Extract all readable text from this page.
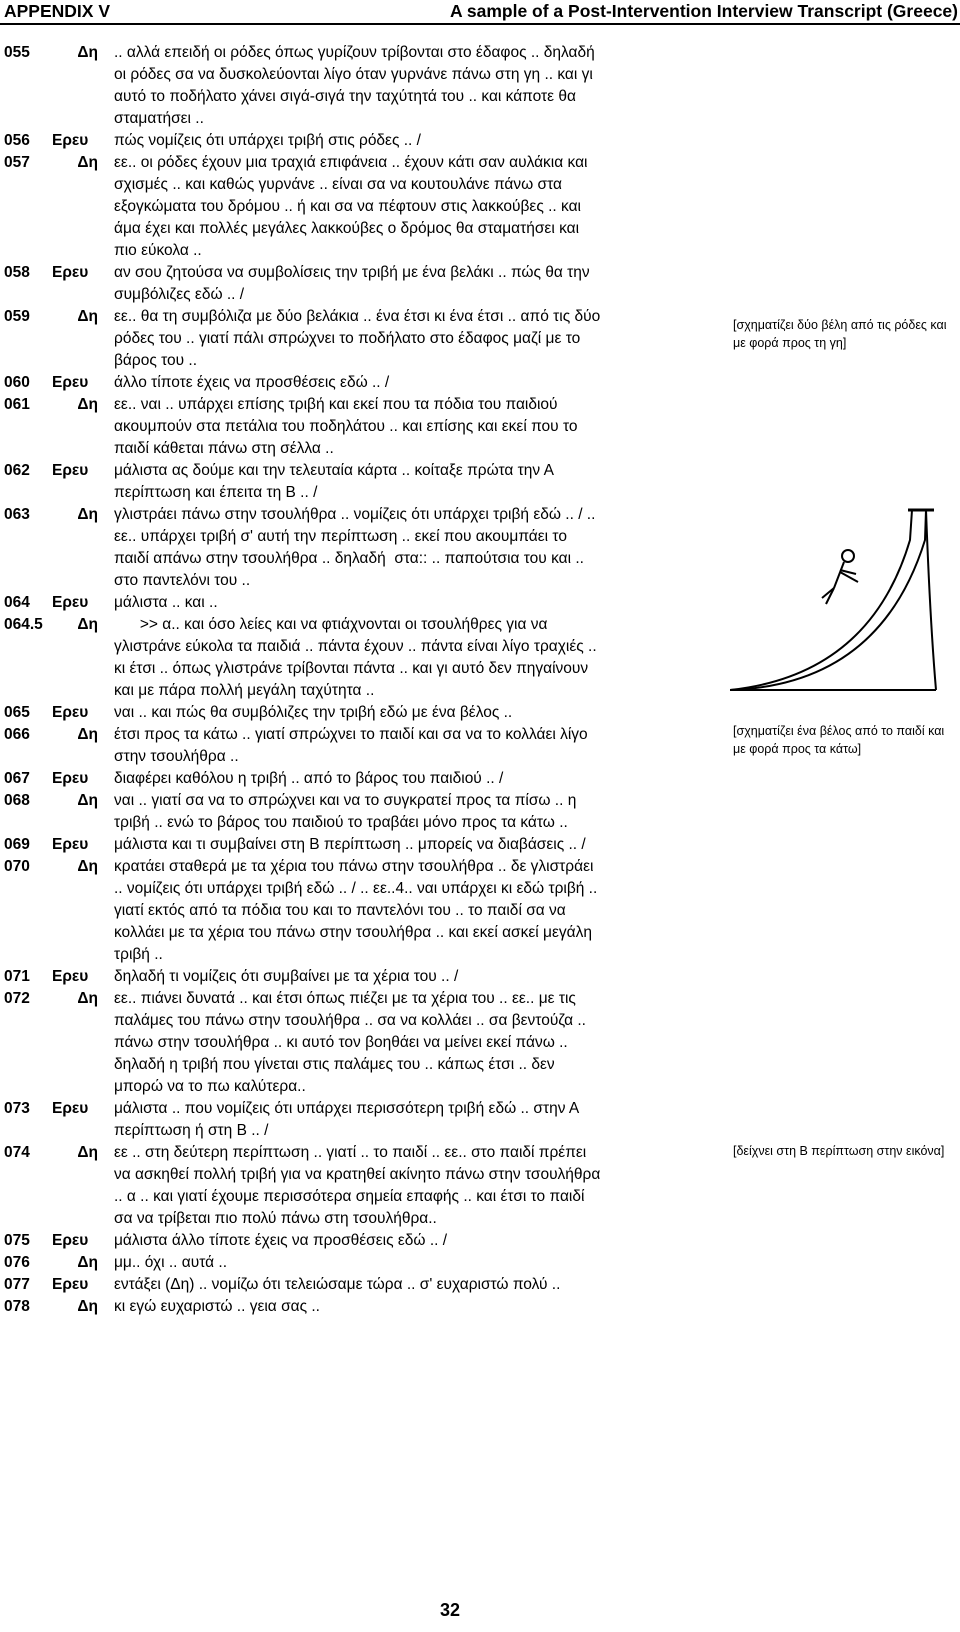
APPENDIX V	A sample of a Post-Intervention Interview Transcript (Greece)
055	Δη .. αλλά επειδή οι ρόδες όπως γυρίζουν τρίβονται στο έδαφος .. δηλαδή
οι ρόδες σα να δυσκολεύονται λίγο όταν γυρνάνε πάνω στη γη .. και γι
αυτό το ποδήλατο χάνει σιγά-σιγά την ταχύτητά του .. και κάποτε θα
σταματήσει ..
056 Ερευ	πώς νομίζεις ότι υπάρχει τριβή στις ρόδες .. /
057	Δη εε.. οι ρόδες έχουν μια τραχιά επιφάνεια .. έχουν κάτι σαν αυλάκια και
σχισμές .. και καθώς γυρνάνε .. είναι σα να κουτουλάνε πάνω στα
εξογκώματα του δρόμου .. ή και σα να πέφτουν στις λακκούβες .. και
άμα έχει και πολλές μεγάλες λακκούβες ο δρόμος θα σταματήσει και
πιο εύκολα ..
058 Ερευ	αν σου ζητούσα να συμβολίσεις την τριβή με ένα βελάκι .. πώς θα την
συμβόλιζες εδώ .. /
059	Δη εε.. θα τη συμβόλιζα με δύο βελάκια .. ένα έτσι κι ένα έτσι .. από τις δύο
ρόδες του .. γιατί πάλι σπρώχνει το ποδήλατο στο έδαφος μαζί με το
βάρος του ..
060 Ερευ	άλλο τίποτε έχεις να προσθέσεις εδώ .. /
061	Δη εε.. ναι .. υπάρχει επίσης τριβή και εκεί που τα πόδια του παιδιού
ακουμπούν στα πετάλια του ποδηλάτου .. και επίσης και εκεί που το
παιδί κάθεται πάνω στη σέλλα ..
062 Ερευ	μάλιστα ας δούμε και την τελευταία κάρτα .. κοίταξε πρώτα την Α
περίπτωση και έπειτα τη Β .. /
063	Δη γλιστράει πάνω στην τσουλήθρα .. νομίζεις ότι υπάρχει τριβή εδώ .. / ..
εε.. υπάρχει τριβή σ' αυτή την περίπτωση .. εκεί που ακουμπάει το
παιδί απάνω στην τσουλήθρα .. δηλαδή  στα:: .. παπούτσια του και ..
στο παντελόνι του ..
064 Ερευ	μάλιστα .. και ..
064.5	Δη >> α.. και όσο λείες και να φτιάχνονται οι τσουλήθρες για να
γλιστράνε εύκολα τα παιδιά .. πάντα έχουν .. πάντα είναι λίγο τραχιές ..
κι έτσι .. όπως γλιστράνε τρίβονται πάντα .. και γι αυτό δεν πηγαίνουν
και με πάρα πολλή μεγάλη ταχύτητα ..
065 Ερευ	ναι .. και πώς θα συμβόλιζες την τριβή εδώ με ένα βέλος ..
066	Δη έτσι προς τα κάτω .. γιατί σπρώχνει το παιδί και σα να το κολλάει λίγο
στην τσουλήθρα ..
067 Ερευ	διαφέρει καθόλου η τριβή .. από το βάρος του παιδιού .. /
068	Δη ναι .. γιατί σα να το σπρώχνει και να το συγκρατεί προς τα πίσω .. η
τριβή .. ενώ το βάρος του παιδιού το τραβάει μόνο προς τα κάτω ..
069 Ερευ	μάλιστα και τι συμβαίνει στη Β περίπτωση .. μπορείς να διαβάσεις .. /
070	Δη κρατάει σταθερά με τα χέρια του πάνω στην τσουλήθρα .. δε γλιστράει
.. νομίζεις ότι υπάρχει τριβή εδώ .. / .. εε..4.. ναι υπάρχει κι εδώ τριβή ..
γιατί εκτός από τα πόδια του και το παντελόνι του .. το παιδί σα να
κολλάει με τα χέρια του πάνω στην τσουλήθρα .. και εκεί ασκεί μεγάλη
τριβή ..
071 Ερευ	δηλαδή τι νομίζεις ότι συμβαίνει με τα χέρια του .. /
072	Δη εε.. πιάνει δυνατά .. και έτσι όπως πιέζει με τα χέρια του .. εε.. με τις
παλάμες του πάνω στην τσουλήθρα .. σα να κολλάει .. σα βεντούζα ..
πάνω στην τσουλήθρα .. κι αυτό τον βοηθάει να μείνει εκεί πάνω ..
δηλαδή η τριβή που γίνεται στις παλάμες του .. κάπως έτσι .. δεν
μπορώ να το πω καλύτερα..
073 Ερευ	μάλιστα .. που νομίζεις ότι υπάρχει περισσότερη τριβή εδώ .. στην Α
περίπτωση ή στη Β .. /
074	Δη εε .. στη δεύτερη περίπτωση .. γιατί .. το παιδί .. εε.. στο παιδί πρέπει
να ασκηθεί πολλή τριβή για να κρατηθεί ακίνητο πάνω στην τσουλήθρα
.. α .. και γιατί έχουμε περισσότερα σημεία επαφής .. και έτσι το παιδί
σα να τρίβεται πιο πολύ πάνω στη τσουλήθρα..
075 Ερευ	μάλιστα άλλο τίποτε έχεις να προσθέσεις εδώ .. /
076	Δη μμ.. όχι .. αυτά ..
077 Ερευ	εντάξει (Δη) .. νομίζω ότι τελειώσαμε τώρα .. σ' ευχαριστώ πολύ ..
078	Δη κι εγώ ευχαριστώ .. γεια σας ..
[σχηματίζει δύο βέλη από τις ρόδες και με φορά προς τη γη]
[σχηματίζει ένα βέλος από το παιδί και με φορά προς τα κάτω]
[δείχνει στη Β περίπτωση στην εικόνα]
32
